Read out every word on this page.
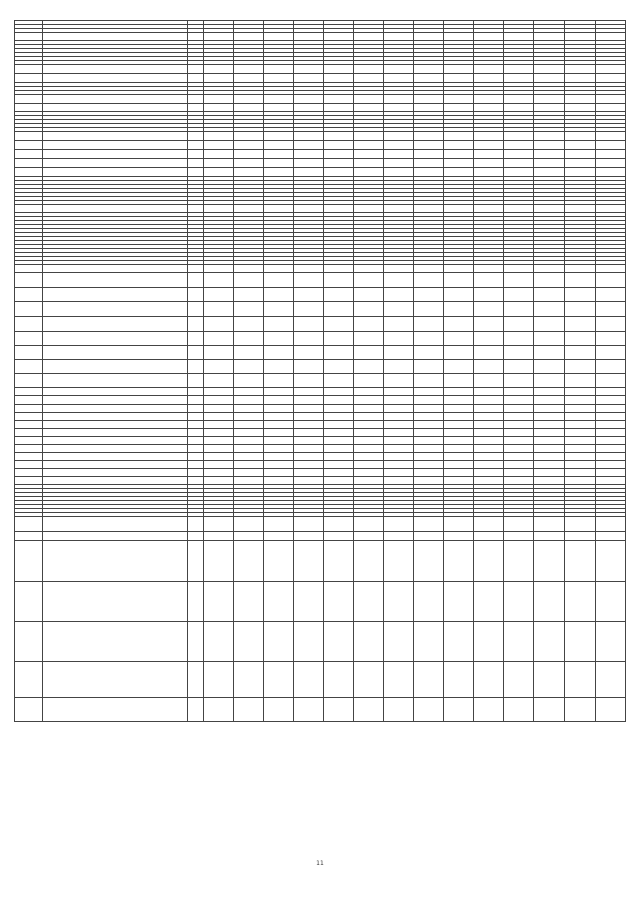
11
